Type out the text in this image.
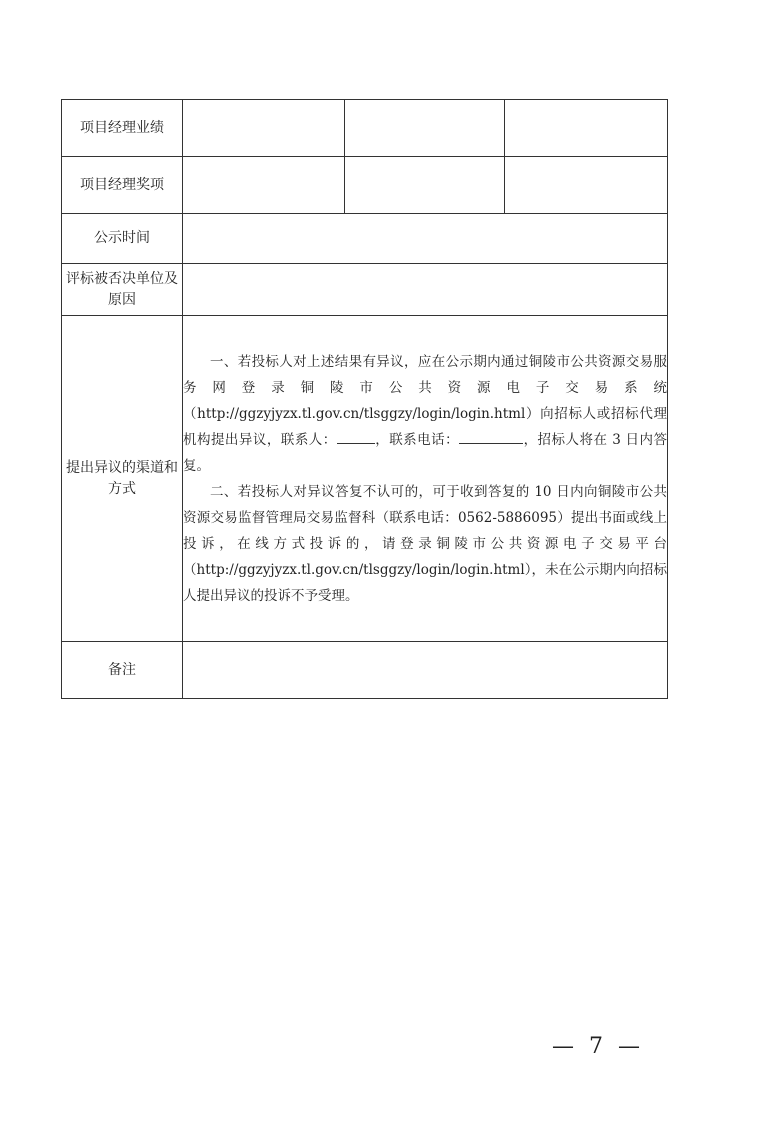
项目经理业绩			
项目经理奖项			
公示时间			
评标被否决单位及原因			
提出异议的渠道和方式	一、若投标人对上述结果有异议，应在公示期内通过铜陵市公共资源交易服务网登录铜陵市公共资源电子交易系统（http://ggzyjyzx.tl.gov.cn/tlsggzy/login/login.html）向招标人或招标代理机构提出异议，联系人： ，联系电话： ，招标人将在 3 日内答复。

二、若投标人对异议答复不认可的，可于收到答复的 10 日内向铜陵市公共资源交易监督管理局交易监督科（联系电话：0562-5886095）提出书面或线上投诉，在线方式投诉的，请登录铜陵市公共资源电子交易平台（http://ggzyjyzx.tl.gov.cn/tlsggzy/login/login.html），未在公示期内向招标人提出异议的投诉不予受理。		

备注			
— 7 —
